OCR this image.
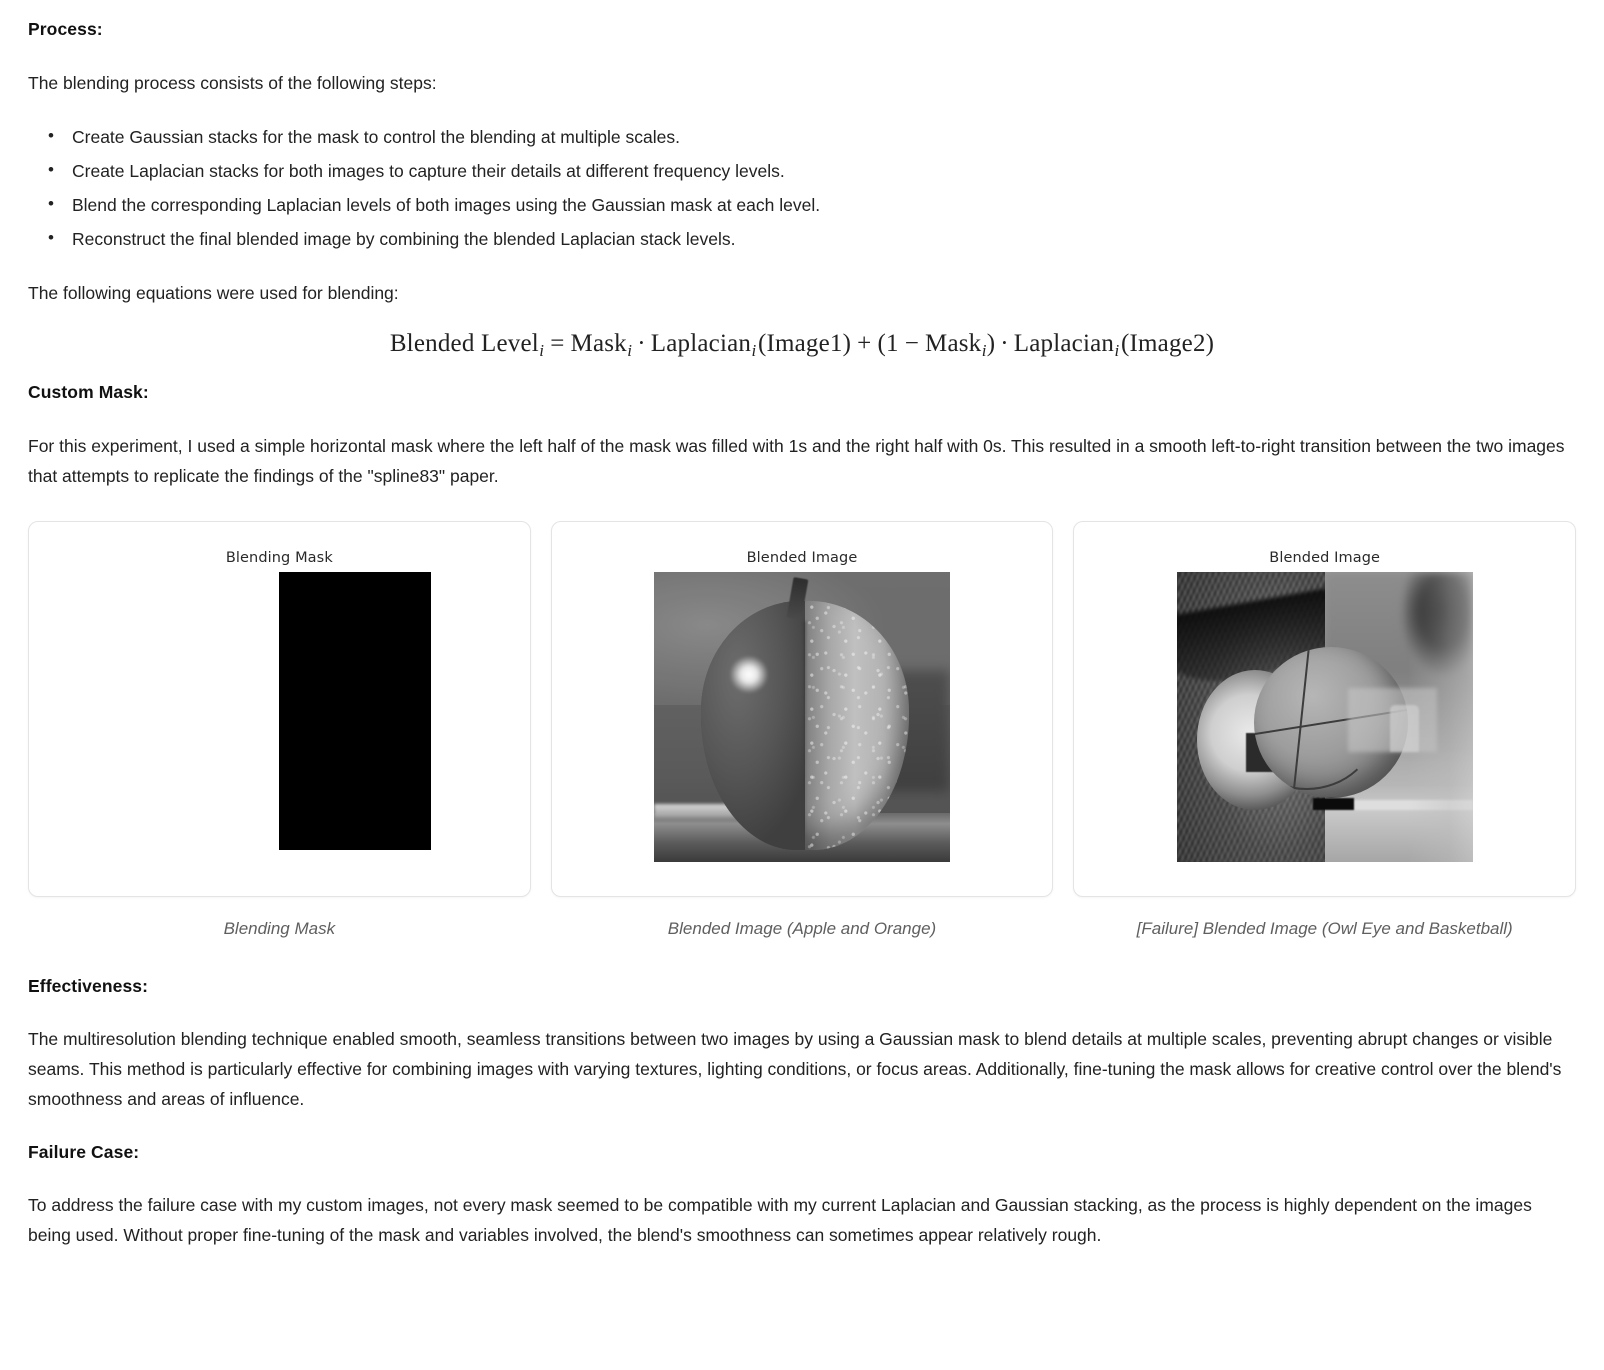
Process:

The blending process consists of the following steps:

• Create Gaussian stacks for the mask to control the blending at multiple scales.
• Create Laplacian stacks for both images to capture their details at different frequency levels.
• Blend the corresponding Laplacian levels of both images using the Gaussian mask at each level.
• Reconstruct the final blended image by combining the blended Laplacian stack levels.

The following equations were used for blending:

Blended Level$_i$ = Mask$_i$ · Laplacian$_i$(Image1) + (1 − Mask$_i$) · Laplacian$_i$(Image2)
Custom Mask:

For this experiment, I used a simple horizontal mask where the left half of the mask was filled with 1s and the right half with 0s. This resulted in a smooth left-to-right transition between the two images that attempts to replicate the findings of the "spline83" paper.

Blending Mask
Blending Mask
Blended Image
Blended Image (Apple and Orange)
Blended Image
[Failure] Blended Image (Owl Eye and Basketball)
Effectiveness:

The multiresolution blending technique enabled smooth, seamless transitions between two images by using a Gaussian mask to blend details at multiple scales, preventing abrupt changes or visible seams. This method is particularly effective for combining images with varying textures, lighting conditions, or focus areas. Additionally, fine-tuning the mask allows for creative control over the blend's smoothness and areas of influence.

Failure Case:

To address the failure case with my custom images, not every mask seemed to be compatible with my current Laplacian and Gaussian stacking, as the process is highly dependent on the images being used. Without proper fine-tuning of the mask and variables involved, the blend's smoothness can sometimes appear relatively rough.
